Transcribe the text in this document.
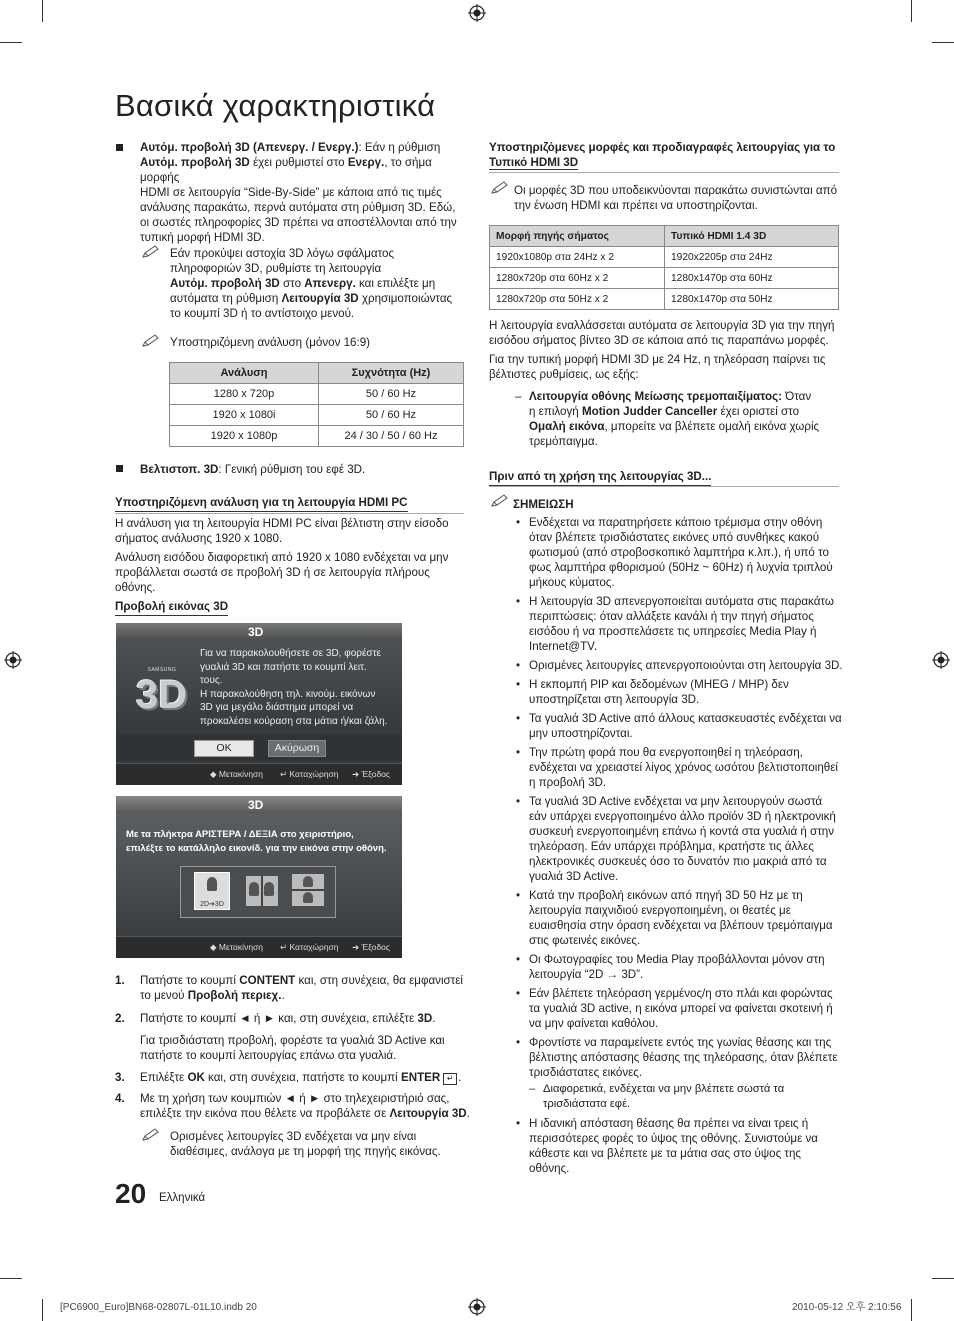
Βασικά χαρακτηριστικά
Αυτόμ. προβολή 3D (Απενεργ. / Ενεργ.): Εάν η ρύθμιση
Αυτόμ. προβολή 3D έχει ρυθμιστεί στο Ενεργ., το σήμα μορφής
HDMI σε λειτουργία “Side-By-Side” με κάποια από τις τιμές
ανάλυσης παρακάτω, περνά αυτόματα στη ρύθμιση 3D. Εδώ,
οι σωστές πληροφορίες 3D πρέπει να αποστέλλονται από την
τυπική μορφή HDMI 3D.
Εάν προκύψει αστοχία 3D λόγω σφάλματος
πληροφοριών 3D, ρυθμίστε τη λειτουργία
Αυτόμ. προβολή 3D στο Απενεργ. και επιλέξτε μη
αυτόματα τη ρύθμιση Λειτουργία 3D χρησιμοποιώντας
το κουμπί 3D ή το αντίστοιχο μενού.
Υποστηριζόμενη ανάλυση (μόνον 16:9)
Ανάλυση	Συχνότητα (Hz)
1280 x 720p	50 / 60 Hz
1920 x 1080i	50 / 60 Hz
1920 x 1080p	24 / 30 / 50 / 60 Hz
Βελτιστοπ. 3D: Γενική ρύθμιση του εφέ 3D.
Υποστηριζόμενη ανάλυση για τη λειτουργία HDMI PC
Η ανάλυση για τη λειτουργία HDMI PC είναι βέλτιστη στην είσοδο
σήματος ανάλυσης 1920 x 1080.
Ανάλυση εισόδου διαφορετική από 1920 x 1080 ενδέχεται να μην
προβάλλεται σωστά σε προβολή 3D ή σε λειτουργία πλήρους οθόνης.
Προβολή εικόνας 3D
3D
SAMSUNG
3D
Για να παρακολουθήσετε σε 3D, φορέστε
γυαλιά 3D και πατήστε το κουμπί λειτ.
τους.
Η παρακολούθηση τηλ. κινούμ. εικόνων
3D για μεγάλο διάστημα μπορεί να
προκαλέσει κούραση στα μάτια ή/και ζάλη.
OK	Ακύρωση
◆ Μετακίνηση ↵ Καταχώρηση ➜ Έξοδος
3D
Με τα πλήκτρα ΑΡΙΣΤΕΡΑ / ΔΕΞΙΑ στο χειριστήριο,
επιλέξτε το κατάλληλο εικονίδ. για την εικόνα στην οθόνη.
2D➔3D
◆ Μετακίνηση ↵ Καταχώρηση ➜ Έξοδος
1. Πατήστε το κουμπί CONTENT και, στη συνέχεια, θα εμφανιστεί
το μενού Προβολή περιεχ..
2. Πατήστε το κουμπί ◄ ή ► και, στη συνέχεια, επιλέξτε 3D.
Για τρισδιάστατη προβολή, φορέστε τα γυαλιά 3D Active και
πατήστε το κουμπί λειτουργίας επάνω στα γυαλιά.
3. Επιλέξτε OK και, στη συνέχεια, πατήστε το κουμπί ENTER ↵ .
4. Με τη χρήση των κουμπιών ◄ ή ► στο τηλεχειριστήριό σας,
επιλέξτε την εικόνα που θέλετε να προβάλετε σε Λειτουργία 3D.
Ορισμένες λειτουργίες 3D ενδέχεται να μην είναι
διαθέσιμες, ανάλογα με τη μορφή της πηγής εικόνας.
20 Ελληνικά
Υποστηριζόμενες μορφές και προδιαγραφές λειτουργίας για το
Τυπικό HDMI 3D
Οι μορφές 3D που υποδεικνύονται παρακάτω συνιστώνται από
την ένωση HDMI και πρέπει να υποστηρίζονται.
Μορφή πηγής σήματος	Τυπικό HDMI 1.4 3D
1920x1080p στα 24Hz x 2	1920x2205p στα 24Hz
1280x720p στα 60Hz x 2	1280x1470p στα 60Hz
1280x720p στα 50Hz x 2	1280x1470p στα 50Hz
Η λειτουργία εναλλάσσεται αυτόματα σε λειτουργία 3D για την πηγή
εισόδου σήματος βίντεο 3D σε κάποια από τις παραπάνω μορφές.
Για την τυπική μορφή HDMI 3D με 24 Hz, η τηλεόραση παίρνει τις
βέλτιστες ρυθμίσεις, ως εξής:
– Λειτουργία οθόνης Μείωσης τρεμοπαιξίματος: Όταν
η επιλογή Motion Judder Canceller έχει οριστεί στο
Ομαλή εικόνα, μπορείτε να βλέπετε ομαλή εικόνα χωρίς
τρεμόπαιγμα.
Πριν από τη χρήση της λειτουργίας 3D...
ΣΗΜΕΙΩΣΗ
• Ενδέχεται να παρατηρήσετε κάποιο τρέμισμα στην οθόνη
όταν βλέπετε τρισδιάστατες εικόνες υπό συνθήκες κακού
φωτισμού (από στροβοσκοπικό λαμπτήρα κ.λπ.), ή υπό το
φως λαμπτήρα φθορισμού (50Hz ~ 60Hz) ή λυχνία τριπλού
μήκους κύματος.
• Η λειτουργία 3D απενεργοποιείται αυτόματα στις παρακάτω
περιπτώσεις: όταν αλλάξετε κανάλι ή την πηγή σήματος
εισόδου ή να προσπελάσετε τις υπηρεσίες Media Play ή
Internet@TV.
• Ορισμένες λειτουργίες απενεργοποιούνται στη λειτουργία 3D.
• Η εκπομπή PIP και δεδομένων (MHEG / MHP) δεν
υποστηρίζεται στη λειτουργία 3D.
• Τα γυαλιά 3D Active από άλλους κατασκευαστές ενδέχεται να
μην υποστηρίζονται.
• Την πρώτη φορά που θα ενεργοποιηθεί η τηλεόραση,
ενδέχεται να χρειαστεί λίγος χρόνος ωσότου βελτιστοποιηθεί
η προβολή 3D.
• Τα γυαλιά 3D Active ενδέχεται να μην λειτουργούν σωστά
εάν υπάρχει ενεργοποιημένο άλλο προϊόν 3D ή ηλεκτρονική
συσκευή ενεργοποιημένη επάνω ή κοντά στα γυαλιά ή στην
τηλεόραση. Εάν υπάρχει πρόβλημα, κρατήστε τις άλλες
ηλεκτρονικές συσκευές όσο το δυνατόν πιο μακριά από τα
γυαλιά 3D Active.
• Κατά την προβολή εικόνων από πηγή 3D 50 Hz με τη
λειτουργία παιχνιδιού ενεργοποιημένη, οι θεατές με
ευαισθησία στην όραση ενδέχεται να βλέπουν τρεμόπαιγμα
στις φωτεινές εικόνες.
• Οι Φωτογραφίες του Media Play προβάλλονται μόνον στη
λειτουργία “2D → 3D”.
• Εάν βλέπετε τηλεόραση γερμένος/η στο πλάι και φορώντας
τα γυαλιά 3D active, η εικόνα μπορεί να φαίνεται σκοτεινή ή
να μην φαίνεται καθόλου.
• Φροντίστε να παραμείνετε εντός της γωνίας θέασης και της
βέλτιστης απόστασης θέασης της τηλεόρασης, όταν βλέπετε
τρισδιάστατες εικόνες.
– Διαφορετικά, ενδέχεται να μην βλέπετε σωστά τα
τρισδιάστατα εφέ.
• Η ιδανική απόσταση θέασης θα πρέπει να είναι τρεις ή
περισσότερες φορές το ύψος της οθόνης. Συνιστούμε να
κάθεστε και να βλέπετε με τα μάτια σας στο ύψος της οθόνης.
[PC6900_Euro]BN68-02807L-01L10.indb 20	2010-05-12 오후 2:10:56
